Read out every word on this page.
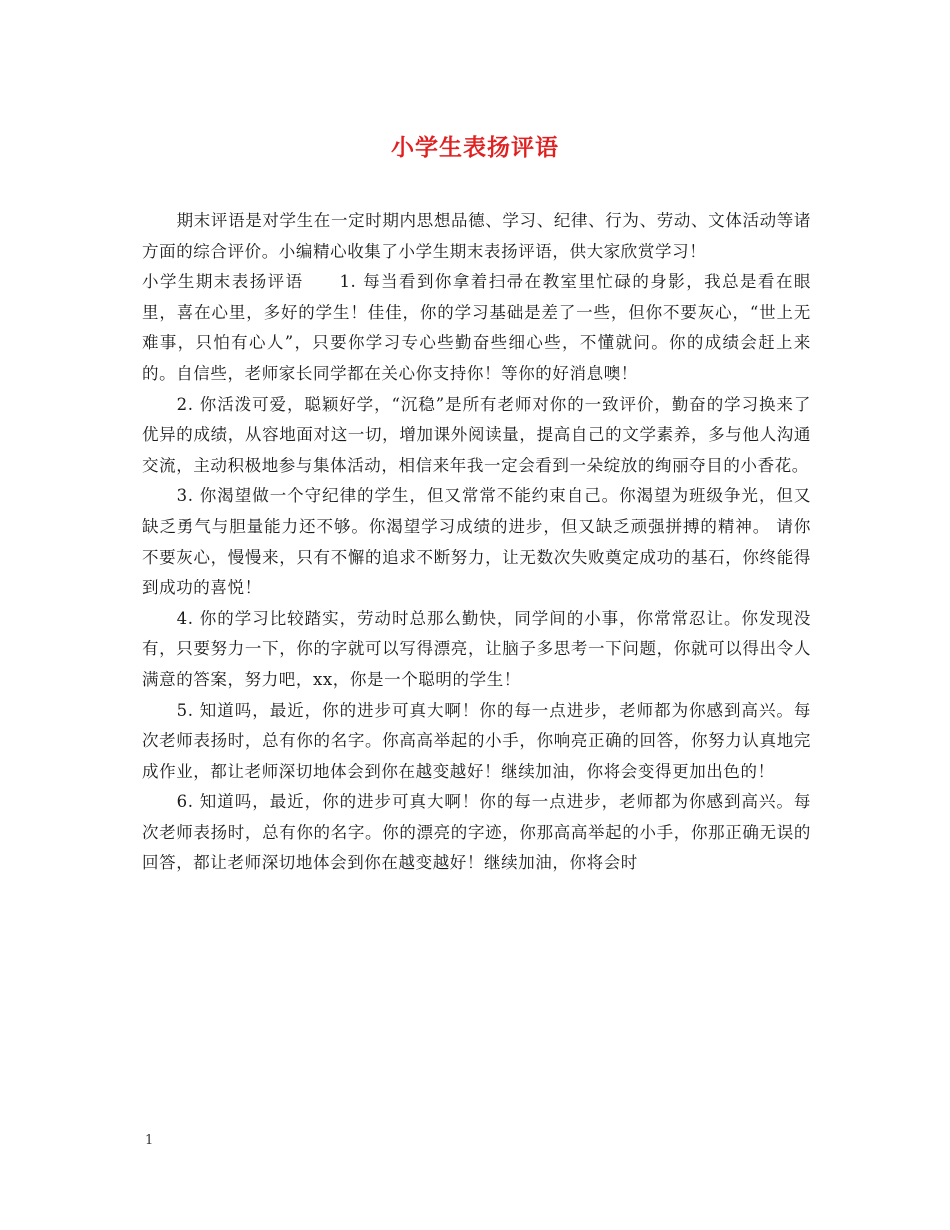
小学生表扬评语

期末评语是对学生在一定时期内思想品德、学习、纪律、行为、劳动、文体活动等诸方面的综合评价。小编精心收集了小学生期末表扬评语，供大家欣赏学习！

小学生期末表扬评语　　1. 每当看到你拿着扫帚在教室里忙碌的身影，我总是看在眼里，喜在心里，多好的学生！佳佳，你的学习基础是差了一些，但你不要灰心，“世上无难事，只怕有心人”，只要你学习专心些勤奋些细心些，不懂就问。你的成绩会赶上来的。自信些，老师家长同学都在关心你支持你！等你的好消息噢！

2. 你活泼可爱，聪颖好学，“沉稳”是所有老师对你的一致评价，勤奋的学习换来了优异的成绩，从容地面对这一切，增加课外阅读量，提高自己的文学素养，多与他人沟通交流，主动积极地参与集体活动，相信来年我一定会看到一朵绽放的绚丽夺目的小香花。

3. 你渴望做一个守纪律的学生，但又常常不能约束自己。你渴望为班级争光，但又缺乏勇气与胆量能力还不够。你渴望学习成绩的进步，但又缺乏顽强拼搏的精神。 请你不要灰心，慢慢来，只有不懈的追求不断努力，让无数次失败奠定成功的基石，你终能得到成功的喜悦！

4. 你的学习比较踏实，劳动时总那么勤快，同学间的小事，你常常忍让。你发现没有，只要努力一下，你的字就可以写得漂亮，让脑子多思考一下问题，你就可以得出令人满意的答案，努力吧，xx，你是一个聪明的学生！

5. 知道吗，最近，你的进步可真大啊！你的每一点进步，老师都为你感到高兴。每次老师表扬时，总有你的名字。你高高举起的小手，你响亮正确的回答，你努力认真地完成作业，都让老师深切地体会到你在越变越好！继续加油，你将会变得更加出色的！

6. 知道吗，最近，你的进步可真大啊！你的每一点进步，老师都为你感到高兴。每次老师表扬时，总有你的名字。你的漂亮的字迹，你那高高举起的小手，你那正确无误的回答，都让老师深切地体会到你在越变越好！继续加油，你将会时

1
